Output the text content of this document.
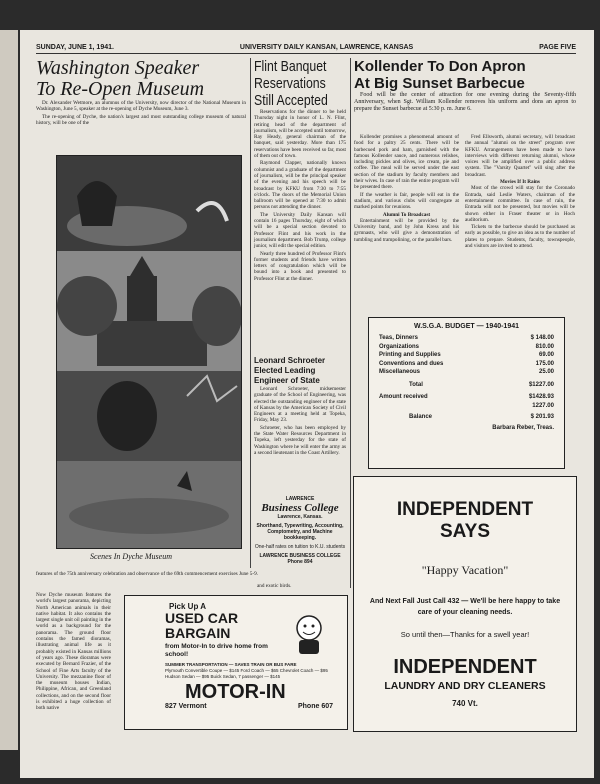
SUNDAY, JUNE 1, 1941.	UNIVERSITY DAILY KANSAN, LAWRENCE, KANSAS	PAGE FIVE
Washington Speaker
To Re-Open Museum

Dr. Alexander Wetmore, an alumnus of the University, now director of the National Museum in Washington, June 5, speaker at the re-opening of Dyche Museum, June 3.

The re-opening of Dyche, the nation's largest and most outstanding college museum of natural history, will be one of the

Scenes In Dyche Museum
features of the 75th anniversary celebration and observance of the 69th commencement exercises June 5-9.
and exotic birds.
Now Dyche museum features the world's largest panorama, depicting North American animals in their native habitat. It also contains the largest single unit oil painting in the world as a background for the panorama. The ground floor contains the famed dioramas, illustrating animal life as it probably existed in Kansas millions of years ago. These dioramas were executed by Bernard Frazier, of the School of Fine Arts faculty of the University. The mezzanine floor of the museum houses Indian, Philippine, African, and Greenland collections, and on the second floor is exhibited a huge collection of both native
Flint Banquet
Reservations
Still Accepted

Reservations for the dinner to be held Thursday night in honor of L. N. Flint, retiring head of the department of journalism, will be accepted until tomorrow, Ray Heady, general chairman of the banquet, said yesterday. More than 175 reservations have been received so far, most of them out of town.

Raymond Clapper, nationally known columnist and a graduate of the department of journalism, will be the principal speaker of the evening and his speech will be broadcast by KFKU from 7:30 to 7:55 o'clock. The doors of the Memorial Union ballroom will be opened at 7:30 to admit persons not attending the dinner.

The University Daily Kansan will contain 16 pages Thursday, eight of which will be a special section devoted to Professor Flint and his work in the journalism department. Bob Trump, college junior, will edit the special edition.

Nearly three hundred of Professor Flint's former students and friends have written letters of congratulation which will be bound into a book and presented to Professor Flint at the dinner.

Leonard Schroeter
Elected Leading
Engineer of State

Leonard Schroeter, midsemester graduate of the School of Engineering, was elected the outstanding engineer of the state of Kansas by the American Society of Civil Engineers at a meeting held at Topeka, Friday, May 23.

Schroeter, who has been employed by the State Water Resources Department in Topeka, left yesterday for the state of Washington where he will enter the army as a second lieutenant in the Coast Artillery.

LAWRENCE
Business College
Lawrence, Kansas.
Shorthand, Typewriting, Accounting, Comptometry, and Machine bookkeeping.
One-half rates on tuition to K.U. students
LAWRENCE BUSINESS COLLEGE
Phone 894
Kollender To Don Apron
At Big Sunset Barbecue

Food will be the center of attraction for one evening during the Seventy-fifth Anniversary, when Sgt. William Kollender removes his uniform and dons an apron to prepare the Sunset barbecue at 5:30 p. m. June 6.

Kollender promises a phenomenal amount of food for a paltry 25 cents. There will be barbecued pork and ham, garnished with the famous Kollender sauce, and numerous relishes, including pickles and olives, ice cream, pie and coffee. The meal will be served under the east section of the stadium by faculty members and their wives. In case of rain the entire program will be presented there.

If the weather is fair, people will eat in the stadium, and various clubs will congregate at marked points for reunions.

Alumni To Broadcast

Entertainment will be provided by the University band, and by John Kress and his gymnasts, who will give a demonstration of tumbling and trampolining, or the parallel bars.

Fred Ellsworth, alumni secretary, will broadcast the annual "alumni on the street" program over KFKU. Arrangements have been made to have interviews with different returning alumni, whose voices will be amplified over a public address system. The "Varsity Quartet" will sing after the broadcast.

Movies If It Rains

Most of the crowd will stay for the Coronado Entrada, said Leslie Waters, chairman of the entertainment committee. In case of rain, the Entrada will not be presented, but movies will be shown either in Fraser theater or in Hoch auditorium.

Tickets to the barbecue should be purchased as early as possible, to give an idea as to the number of plates to prepare. Students, faculty, townspeople, and visitors are invited to attend.

W.S.G.A. BUDGET — 1940-1941
Teas, Dinners	$ 148.00
Organizations	810.00
Printing and Supplies	69.00
Conventions and dues	175.00
Miscellaneous	25.00
Total	$1227.00
Amount received	$1428.93
1227.00
Balance	$ 201.93
Barbara Reber, Treas.
INDEPENDENT
SAYS
"Happy Vacation"
And Next Fall Just Call 432 — We'll be here happy to take care of your cleaning needs.
So until then—Thanks for a swell year!
INDEPENDENT
LAUNDRY AND DRY CLEANERS
740 Vt.
Pick Up A
USED CAR
BARGAIN
from Motor-In to drive home from school!
SUMMER TRANSPORTATION — SAVES TRAIN OR BUS FARE
Plymouth Convertible Coupe — $145 Ford Coach — $65 Chevrolet Coach — $95 Hudson Sedan — $95 Buick Sedan, 7 passenger — $145
MOTOR-IN
827 Vermont	Phone 607
